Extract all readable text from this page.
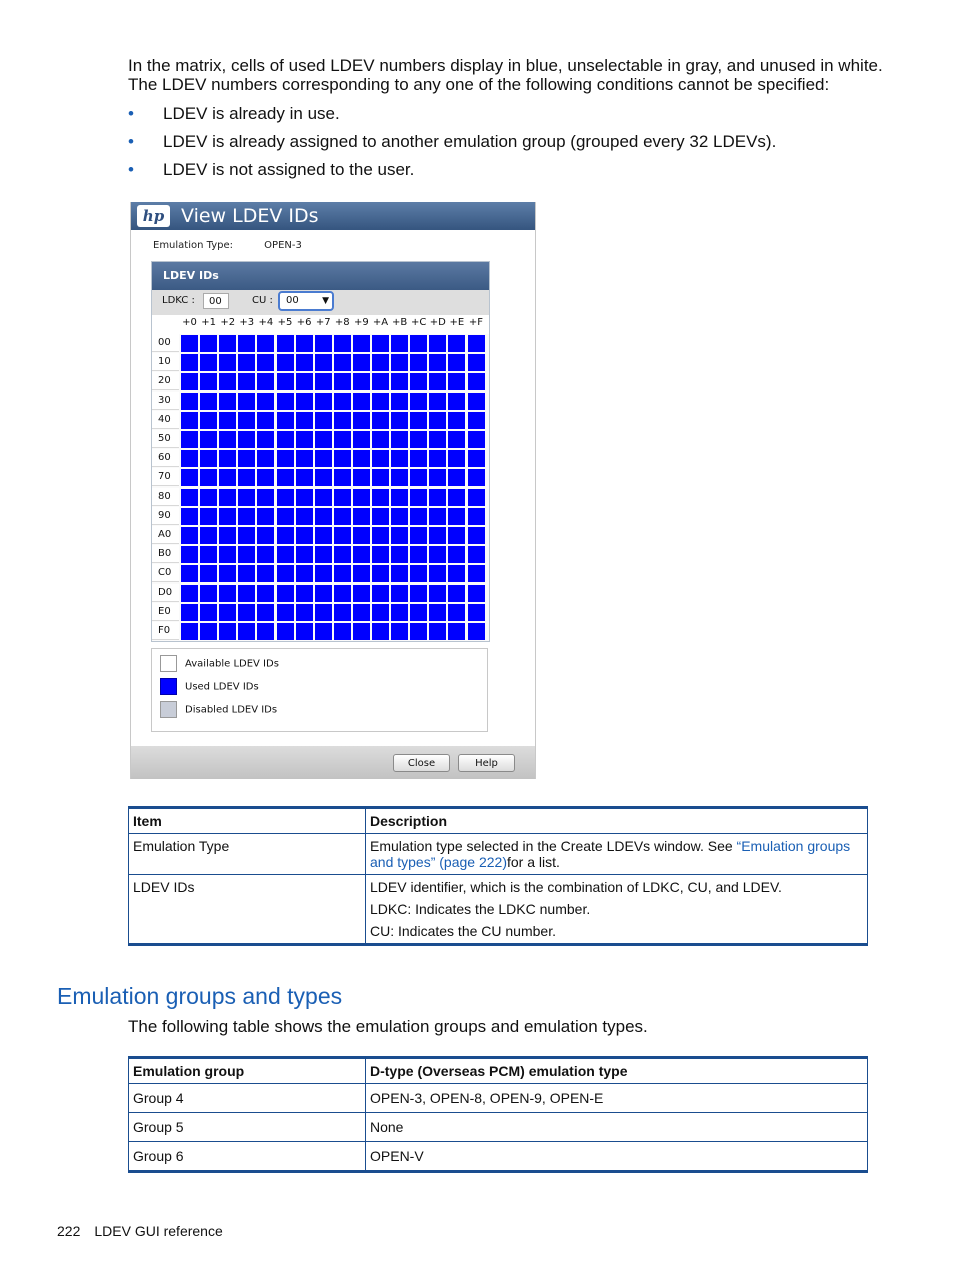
In the matrix, cells of used LDEV numbers display in blue, unselectable in gray, and unused in white. The LDEV numbers corresponding to any one of the following conditions cannot be specified:
• LDEV is already in use.
• LDEV is already assigned to another emulation group (grouped every 32 LDEVs).
• LDEV is not assigned to the user.
hp View LDEV IDs
Emulation Type:	OPEN-3
LDEV IDs
LDKC :	00	CU :	00	▼
+0 +1 +2 +3 +4 +5 +6 +7 +8 +9 +A +B +C +D +E +F
00
10
20
30
40
50
60
70
80
90
A0
B0
C0
D0
E0
F0
Available LDEV IDs
Used LDEV IDs
Disabled LDEV IDs
Close	Help
Item	Description
Emulation Type	Emulation type selected in the Create LDEVs window. See “Emulation groups and types” (page 222)for a list.
LDEV IDs	LDEV identifier, which is the combination of LDKC, CU, and LDEV.

LDKC: Indicates the LDKC number.

CU: Indicates the CU number.

Emulation groups and types
The following table shows the emulation groups and emulation types.
Emulation group	D-type (Overseas PCM) emulation type
Group 4	OPEN-3, OPEN-8, OPEN-9, OPEN-E
Group 5	None
Group 6	OPEN-V
222 LDEV GUI reference
